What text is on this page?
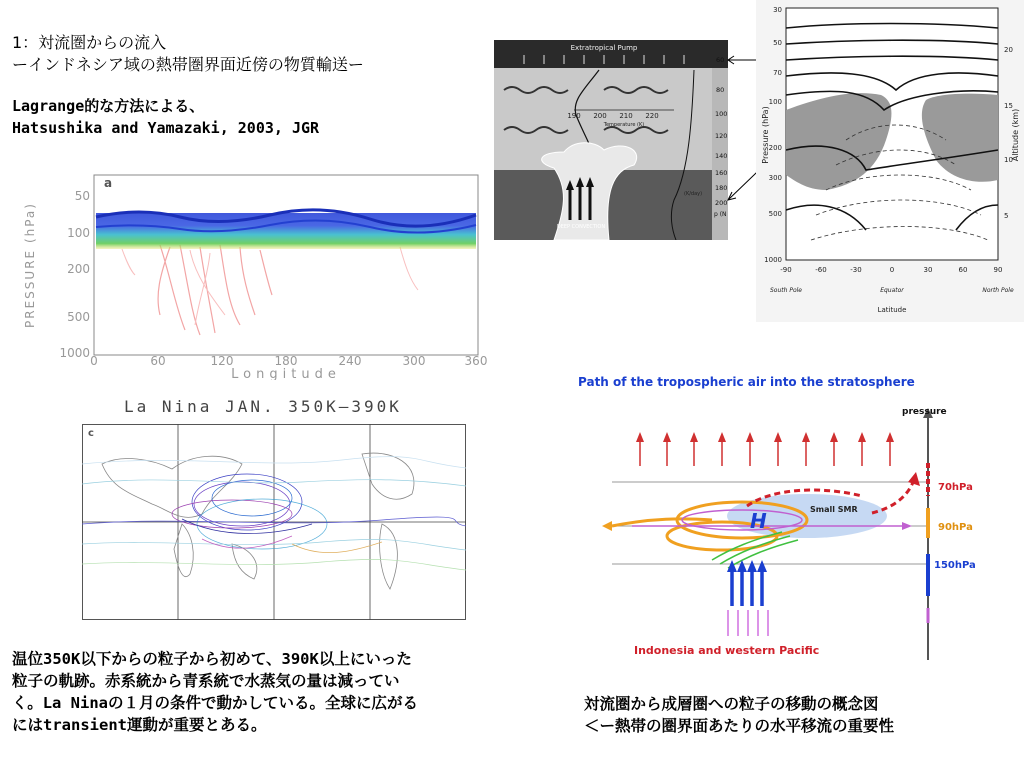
1：対流圏からの流入
ーインドネシア域の熱帯圏界面近傍の物質輸送ー
Lagrange的な方法による、
Hatsushika and Yamazaki, 2003, JGR
PRESSURE (hPa)
50
100
200
500
1000
0	60	120	180	240	300	360
Longitude
a
La Nina JAN. 350K–390K
c
温位350K以下からの粒子から初めて、390K以上にいった
粒子の軌跡。赤系統から青系統で水蒸気の量は減ってい
く。La Ninaの１月の条件で動かしている。全球に広がる
にはtransient運動が重要とある。
Extratropical Pump
190 200 210 220
Temperature (K)
(K/day)
DEEP CONVECTION
60
80
100
120
140
160
180
200
p (N
30
50
70
100
200
300
500
1000
Pressure (hPa)
20
15
10
5
Altitude (km)
-90	-60	-30	0	30	60	90
South Pole	Equator	North Pole
Latitude
Path of the tropospheric air into the stratosphere
pressure
70hPa
90hPa
150hPa
Small SMR
H
Indonesia and western Pacific
対流圏から成層圏への粒子の移動の概念図
＜ー熱帯の圏界面あたりの水平移流の重要性
